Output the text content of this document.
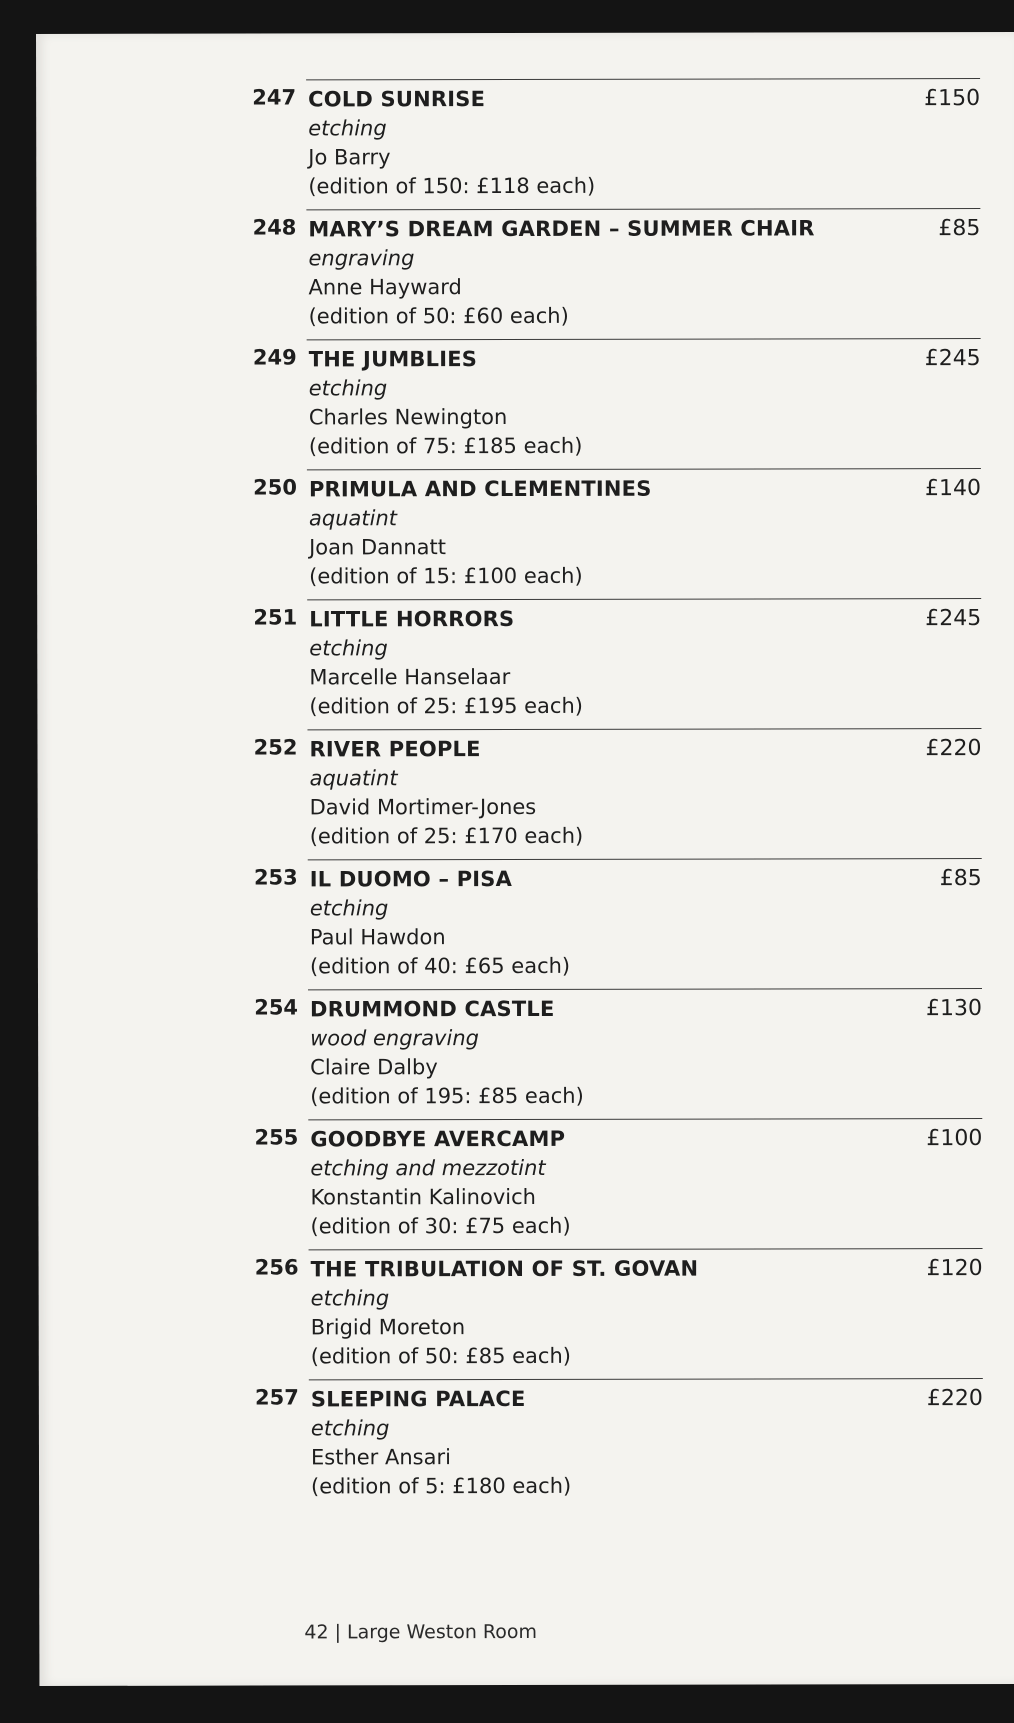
247 COLD SUNRISE
etching
Jo Barry
(edition of 150: £118 each)
£150
248 MARY’S DREAM GARDEN – SUMMER CHAIR
engraving
Anne Hayward
(edition of 50: £60 each)
£85
249 THE JUMBLIES
etching
Charles Newington
(edition of 75: £185 each)
£245
250 PRIMULA AND CLEMENTINES
aquatint
Joan Dannatt
(edition of 15: £100 each)
£140
251 LITTLE HORRORS
etching
Marcelle Hanselaar
(edition of 25: £195 each)
£245
252 RIVER PEOPLE
aquatint
David Mortimer-Jones
(edition of 25: £170 each)
£220
253 IL DUOMO – PISA
etching
Paul Hawdon
(edition of 40: £65 each)
£85
254 DRUMMOND CASTLE
wood engraving
Claire Dalby
(edition of 195: £85 each)
£130
255 GOODBYE AVERCAMP
etching and mezzotint
Konstantin Kalinovich
(edition of 30: £75 each)
£100
256 THE TRIBULATION OF ST. GOVAN
etching
Brigid Moreton
(edition of 50: £85 each)
£120
257 SLEEPING PALACE
etching
Esther Ansari
(edition of 5: £180 each)
£220
42 | Large Weston Room
